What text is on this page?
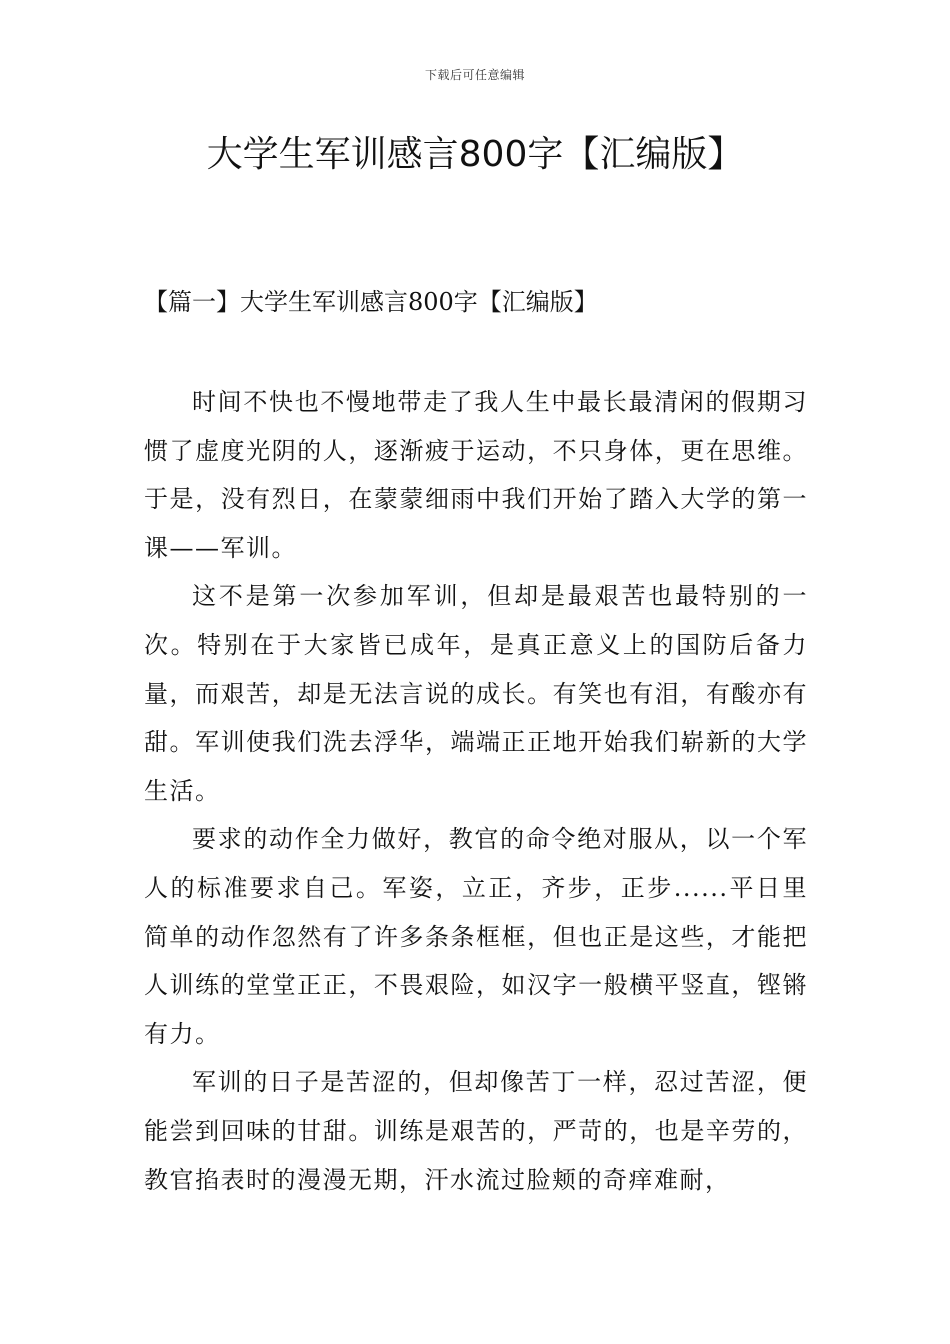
下载后可任意编辑
大学生军训感言800字【汇编版】
【篇一】大学生军训感言800字【汇编版】

时间不快也不慢地带走了我人生中最长最清闲的假期习惯了虚度光阴的人，逐渐疲于运动，不只身体，更在思维。于是，没有烈日，在蒙蒙细雨中我们开始了踏入大学的第一课——军训。

这不是第一次参加军训，但却是最艰苦也最特别的一次。特别在于大家皆已成年，是真正意义上的国防后备力量，而艰苦，却是无法言说的成长。有笑也有泪，有酸亦有甜。军训使我们洗去浮华，端端正正地开始我们崭新的大学生活。

要求的动作全力做好，教官的命令绝对服从，以一个军人的标准要求自己。军姿，立正，齐步，正步......平日里简单的动作忽然有了许多条条框框，但也正是这些，才能把人训练的堂堂正正，不畏艰险，如汉字一般横平竖直，铿锵有力。

军训的日子是苦涩的，但却像苦丁一样，忍过苦涩，便能尝到回味的甘甜。训练是艰苦的，严苛的，也是辛劳的，教官掐表时的漫漫无期，汗水流过脸颊的奇痒难耐，
